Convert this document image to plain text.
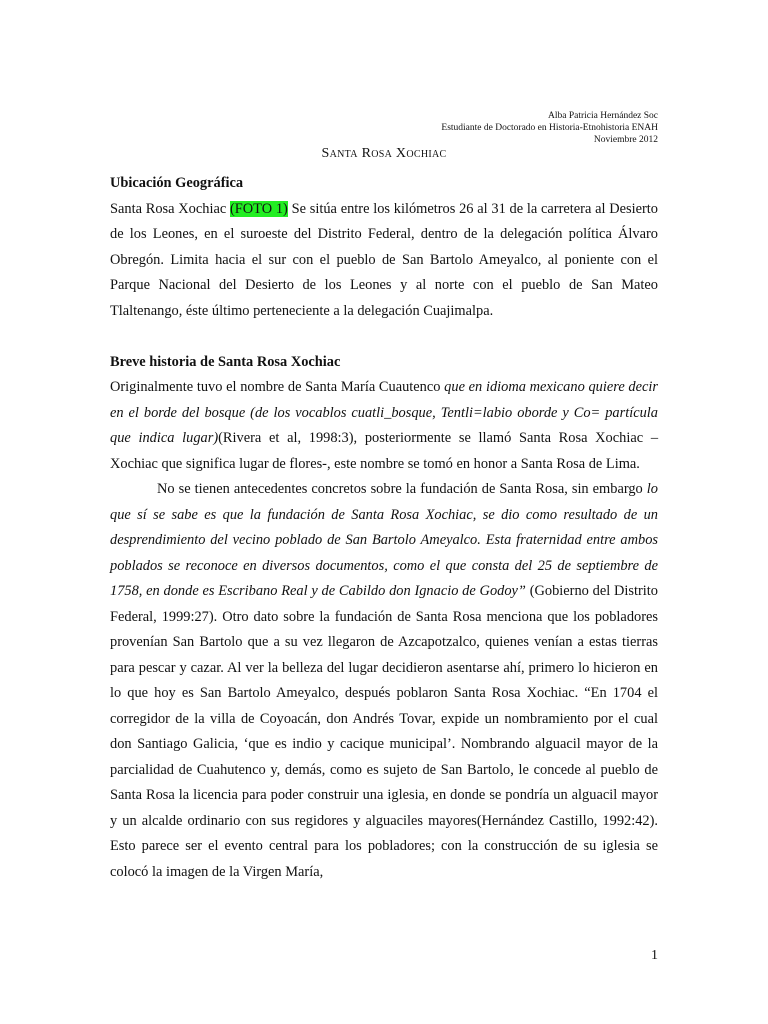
Alba Patricia Hernández Soc
Estudiante de Doctorado en Historia-Etnohistoria ENAH
Noviembre 2012
Santa Rosa Xochiac

Ubicación Geográfica

Santa Rosa Xochiac (FOTO 1) Se sitúa entre los kilómetros 26 al 31 de la carretera al Desierto de los Leones, en el suroeste del Distrito Federal, dentro de la delegación política Álvaro Obregón. Limita hacia el sur con el pueblo de San Bartolo Ameyalco, al poniente con el Parque Nacional del Desierto de los Leones y al norte con el pueblo de San Mateo Tlaltenango, éste último perteneciente a la delegación Cuajimalpa.

Breve historia de Santa Rosa Xochiac

Originalmente tuvo el nombre de Santa María Cuautenco que en idioma mexicano quiere decir en el borde del bosque (de los vocablos cuatli_bosque, Tentli=labio oborde y Co= partícula que indica lugar)(Rivera et al, 1998:3), posteriormente se llamó Santa Rosa Xochiac – Xochiac que significa lugar de flores-, este nombre se tomó en honor a Santa Rosa de Lima.

No se tienen antecedentes concretos sobre la fundación de Santa Rosa, sin embargo lo que sí se sabe es que la fundación de Santa Rosa Xochiac, se dio como resultado de un desprendimiento del vecino poblado de San Bartolo Ameyalco. Esta fraternidad entre ambos poblados se reconoce en diversos documentos, como el que consta del 25 de septiembre de 1758, en donde es Escribano Real y de Cabildo don Ignacio de Godoy” (Gobierno del Distrito Federal, 1999:27). Otro dato sobre la fundación de Santa Rosa menciona que los pobladores provenían San Bartolo que a su vez llegaron de Azcapotzalco, quienes venían a estas tierras para pescar y cazar. Al ver la belleza del lugar decidieron asentarse ahí, primero lo hicieron en lo que hoy es San Bartolo Ameyalco, después poblaron Santa Rosa Xochiac. “En 1704 el corregidor de la villa de Coyoacán, don Andrés Tovar, expide un nombramiento por el cual don Santiago Galicia, ‘que es indio y cacique municipal’. Nombrando alguacil mayor de la parcialidad de Cuahutenco y, demás, como es sujeto de San Bartolo, le concede al pueblo de Santa Rosa la licencia para poder construir una iglesia, en donde se pondría un alguacil mayor y un alcalde ordinario con sus regidores y alguaciles mayores(Hernández Castillo, 1992:42). Esto parece ser el evento central para los pobladores; con la construcción de su iglesia se colocó la imagen de la Virgen María,

1
